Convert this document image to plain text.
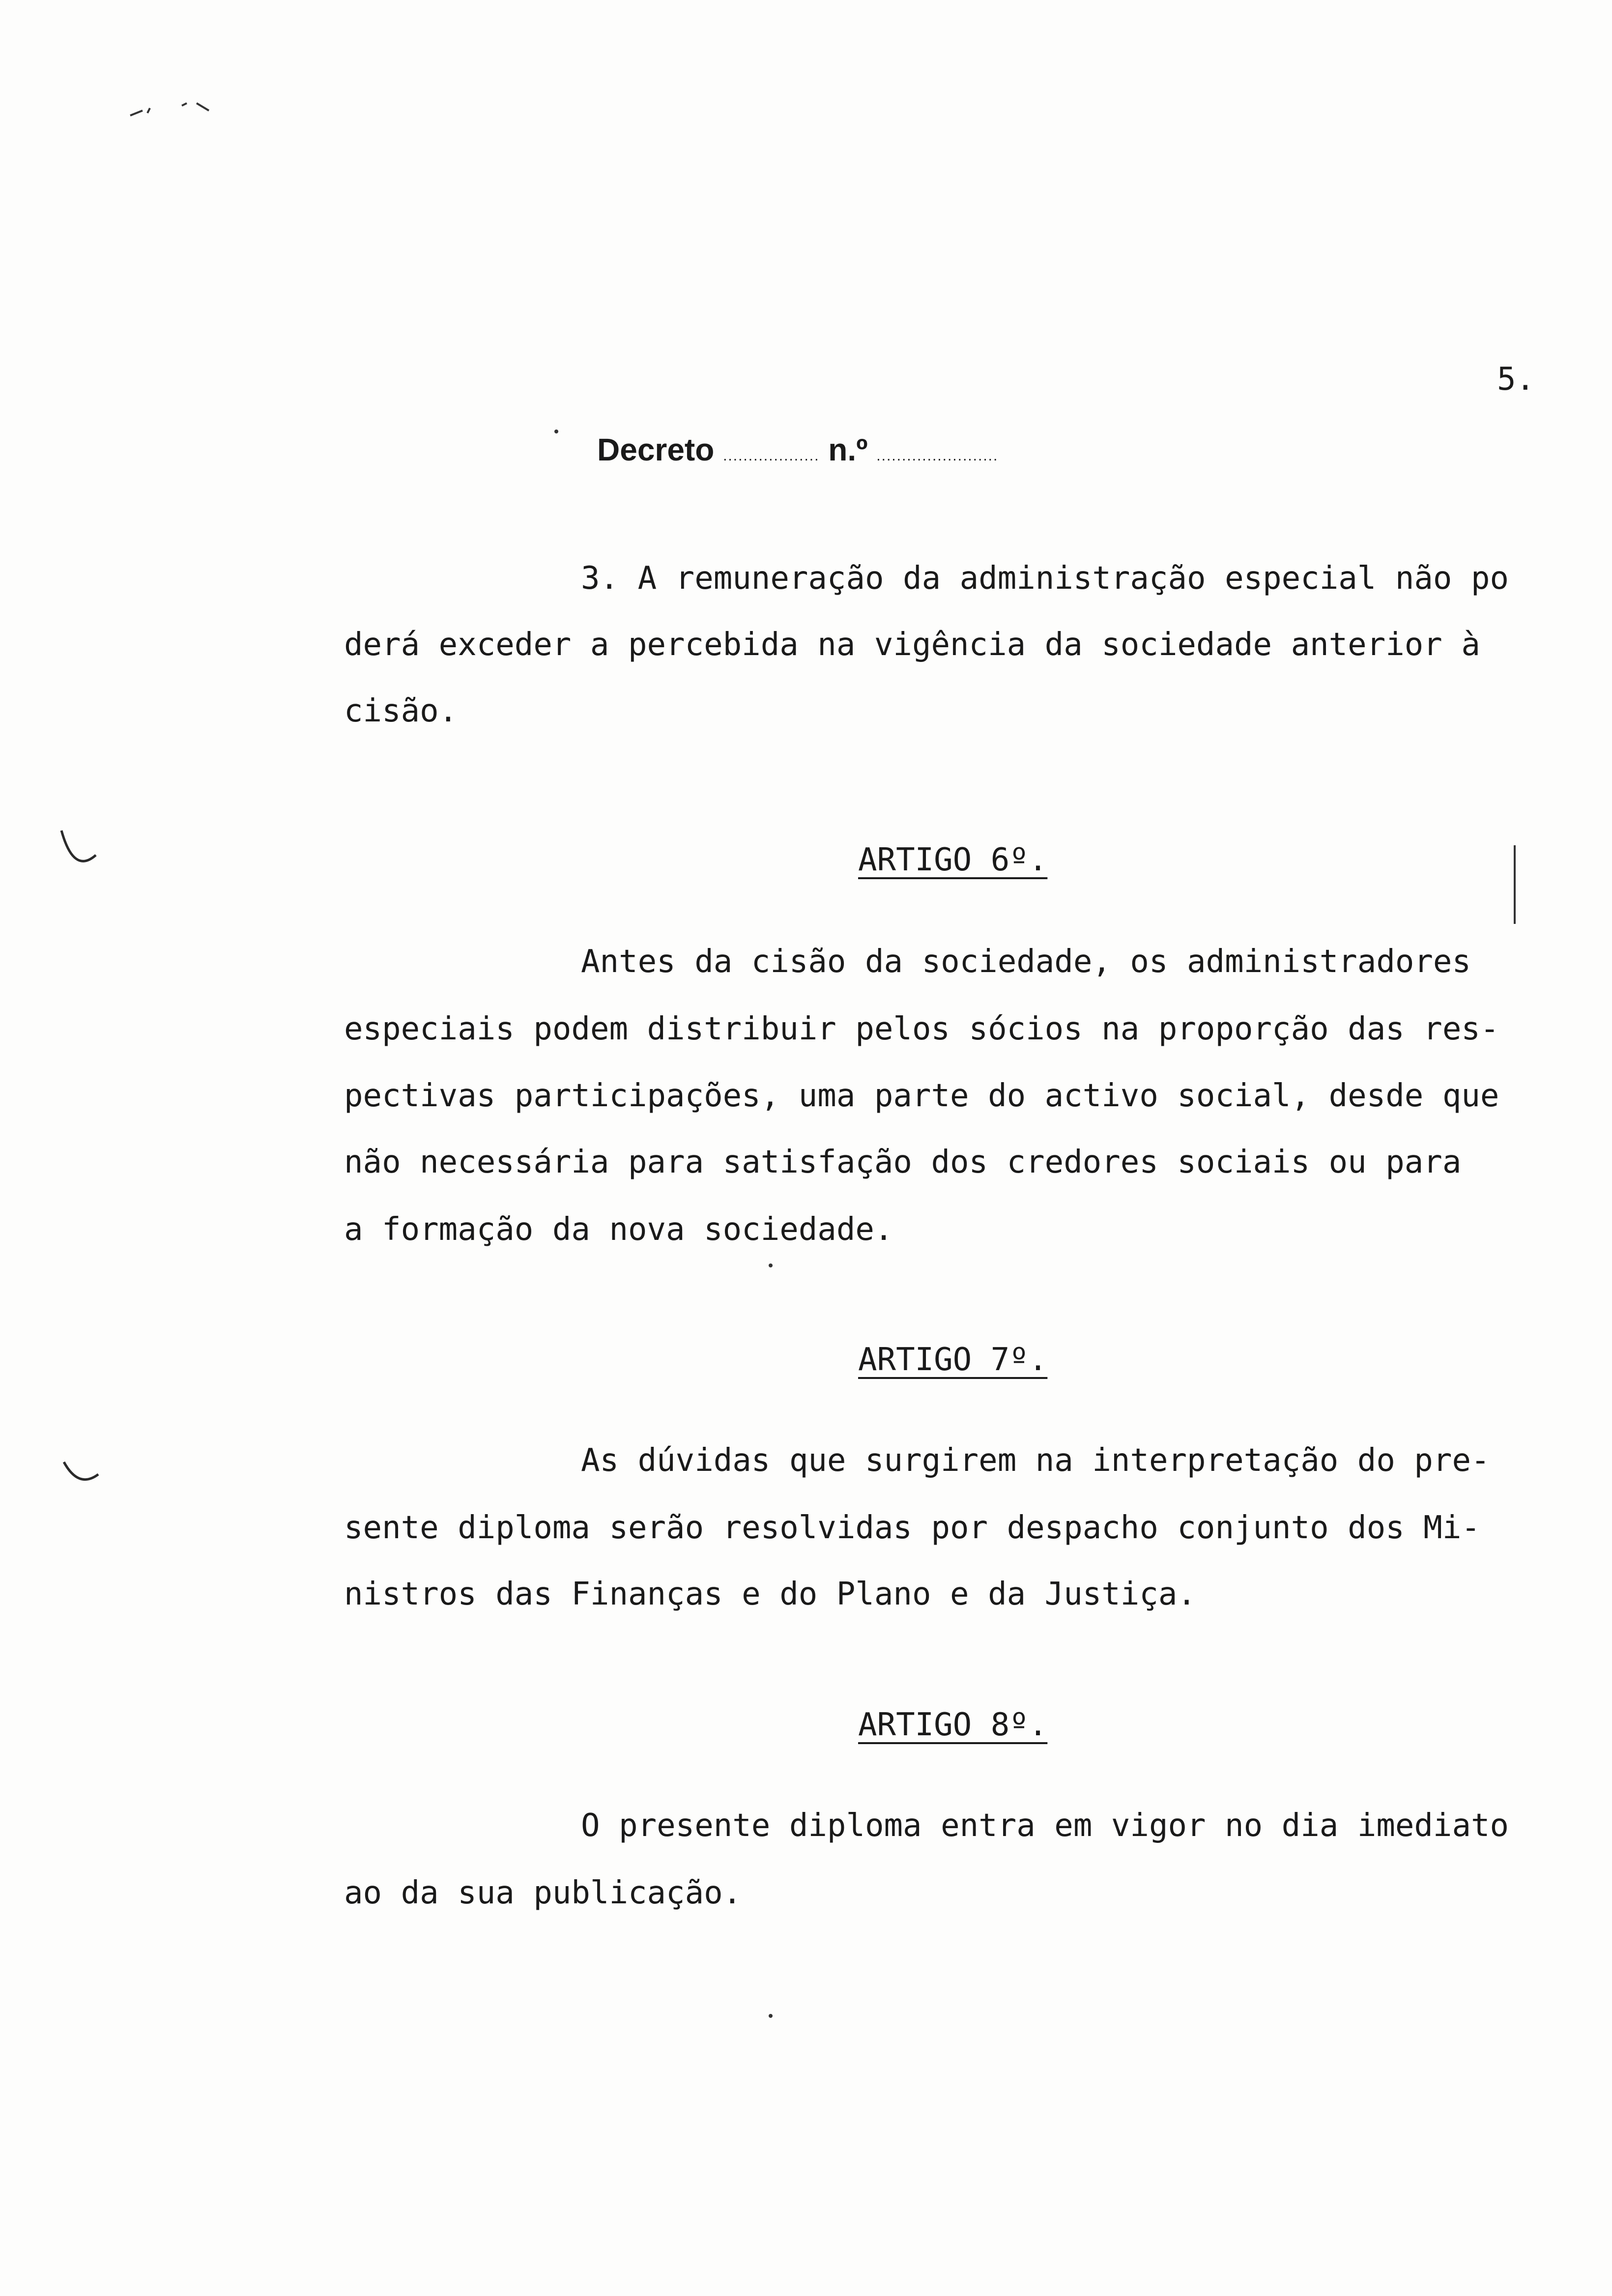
5.
Decreto ................... n.º ........................
3. A remuneração da administração especial não po
derá exceder a percebida na vigência da sociedade anterior à
cisão.
ARTIGO 6º.
Antes da cisão da sociedade, os administradores
especiais podem distribuir pelos sócios na proporção das res-
pectivas participações, uma parte do activo social, desde que
não necessária para satisfação dos credores sociais ou para
a formação da nova sociedade.
ARTIGO 7º.
As dúvidas que surgirem na interpretação do pre-
sente diploma serão resolvidas por despacho conjunto dos Mi-
nistros das Finanças e do Plano e da Justiça.
ARTIGO 8º.
O presente diploma entra em vigor no dia imediato
ao da sua publicação.
